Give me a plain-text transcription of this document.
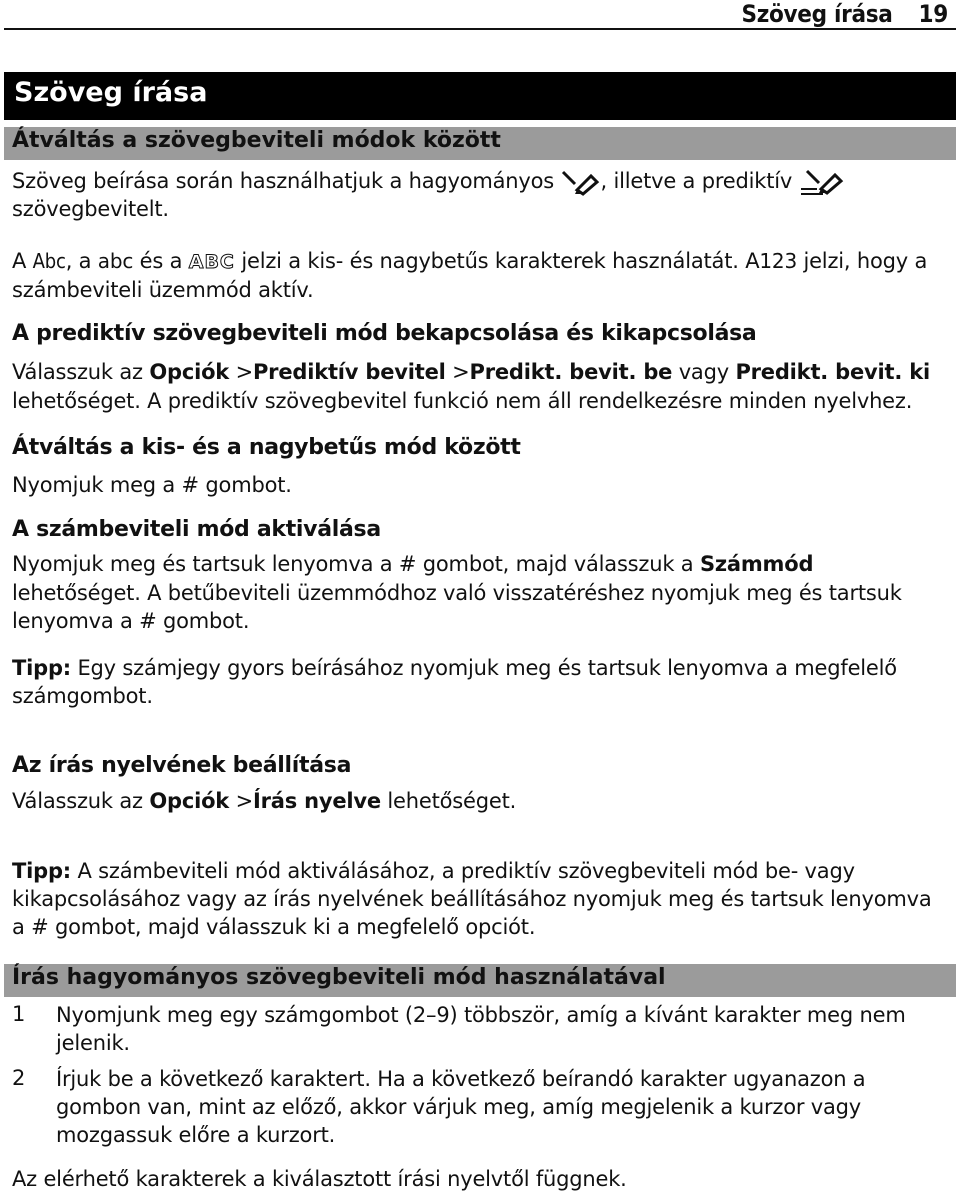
Szöveg írása 19
Szöveg írása
Átváltás a szövegbeviteli módok között
Szöveg beírása során használhatjuk a hagyományos , illetve a prediktív
szövegbevitelt.
A Abc, a abc és a ABC jelzi a kis- és nagybetűs karakterek használatát. A123 jelzi, hogy a
számbeviteli üzemmód aktív.
A prediktív szövegbeviteli mód bekapcsolása és kikapcsolása
Válasszuk az Opciók >Prediktív bevitel >Predikt. bevit. be vagy Predikt. bevit. ki
lehetőséget. A prediktív szövegbevitel funkció nem áll rendelkezésre minden nyelvhez.
Átváltás a kis- és a nagybetűs mód között
Nyomjuk meg a # gombot.
A számbeviteli mód aktiválása
Nyomjuk meg és tartsuk lenyomva a # gombot, majd válasszuk a Számmód
lehetőséget. A betűbeviteli üzemmódhoz való visszatéréshez nyomjuk meg és tartsuk
lenyomva a # gombot.
Tipp: Egy számjegy gyors beírásához nyomjuk meg és tartsuk lenyomva a megfelelő
számgombot.
Az írás nyelvének beállítása
Válasszuk az Opciók >Írás nyelve lehetőséget.
Tipp: A számbeviteli mód aktiválásához, a prediktív szövegbeviteli mód be- vagy
kikapcsolásához vagy az írás nyelvének beállításához nyomjuk meg és tartsuk lenyomva
a # gombot, majd válasszuk ki a megfelelő opciót.
Írás hagyományos szövegbeviteli mód használatával
1 Nyomjunk meg egy számgombot (2–9) többször, amíg a kívánt karakter meg nem
jelenik.
2 Írjuk be a következő karaktert. Ha a következő beírandó karakter ugyanazon a
gombon van, mint az előző, akkor várjuk meg, amíg megjelenik a kurzor vagy
mozgassuk előre a kurzort.
Az elérhető karakterek a kiválasztott írási nyelvtől függnek.
